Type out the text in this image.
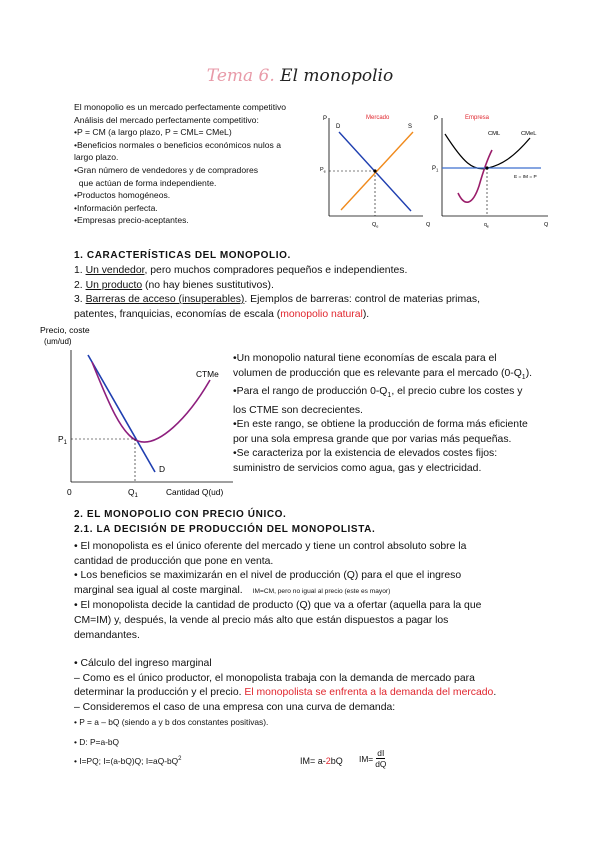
Tema 6. El monopolio
El monopolio es un mercado perfectamente competitivo
Análisis del mercado perfectamente competitivo:
•P = CM (a largo plazo, P = CML= CMeL)
•Beneficios normales o beneficios económicos nulos a
largo plazo.
•Gran número de vendedores y de compradores
que actúan de forma independiente.
•Productos homogéneos.
•Información perfecta.
•Empresas precio-aceptantes.
P	Mercado
D	S
$P_e$
$Q_e$	Q
P	Empresa
CML	CMeL
$P_1$
E = IM = P
$q_e$	Q
1. CARACTERÍSTICAS DEL MONOPOLIO.
1. Un vendedor, pero muchos compradores pequeños e independientes.
2. Un producto (no hay bienes sustitutivos).
3. Barreras de acceso (insuperables). Ejemplos de barreras: control de materias primas,
patentes, franquicias, economías de escala (monopolio natural).
Precio, coste
(um/ud)
CTMe
$P_1$
D
0	$Q_1$	Cantidad Q(ud)
•Un monopolio natural tiene economías de escala para el
volumen de producción que es relevante para el mercado $(0-Q_1)$.
•Para el rango de producción $0-Q_1$, el precio cubre los costes y
los CTME son decrecientes.
•En este rango, se obtiene la producción de forma más eficiente
por una sola empresa grande que por varias más pequeñas.
•Se caracteriza por la existencia de elevados costes fijos:
suministro de servicios como agua, gas y electricidad.
2. EL MONOPOLIO CON PRECIO ÚNICO.
2.1. LA DECISIÓN DE PRODUCCIÓN DEL MONOPOLISTA.
• El monopolista es el único oferente del mercado y tiene un control absoluto sobre la
cantidad de producción que pone en venta.
• Los beneficios se maximizarán en el nivel de producción (Q) para el que el ingreso
marginal sea igual al coste marginal. IM=CM, pero no igual al precio (este es mayor)
• El monopolista decide la cantidad de producto (Q) que va a ofertar (aquella para la que
CM=IM) y, después, la vende al precio más alto que están dispuestos a pagar los
demandantes.
• Cálculo del ingreso marginal
– Como es el único productor, el monopolista trabaja con la demanda de mercado para
determinar la producción y el precio. El monopolista se enfrenta a la demanda del mercado.
– Consideremos el caso de una empresa con una curva de demanda:
• P = a – bQ (siendo a y b dos constantes positivas).
• D: P=a-bQ
• I=PQ; I=(a-bQ)Q; $I=aQ-bQ^2$	IM= a-2bQ $IM= \frac{dI}{dQ}$
